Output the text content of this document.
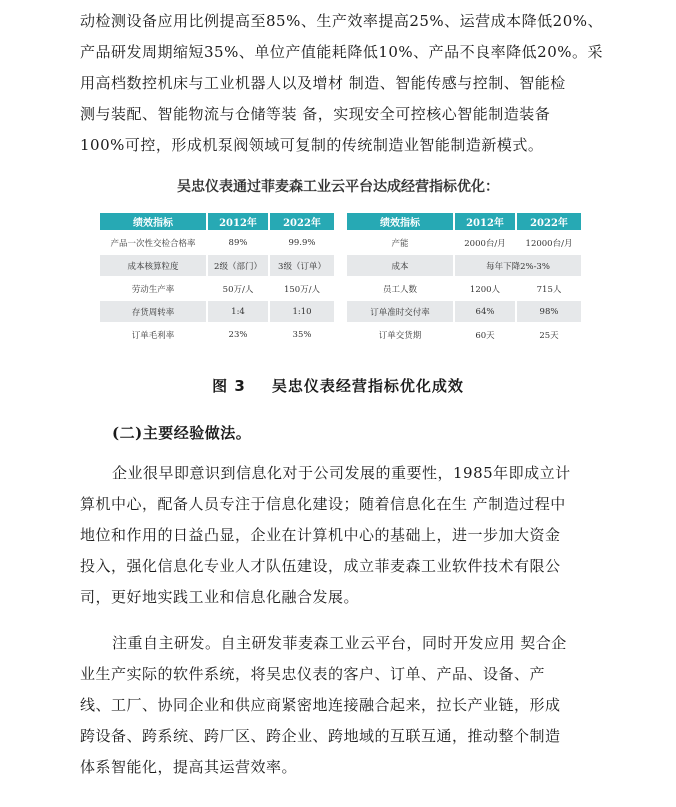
动检测设备应用比例提高至85%、生产效率提高25%、运营成本降低20%、
产品研发周期缩短35%、单位产值能耗降低10%、产品不良率降低20%。采
用高档数控机床与工业机器人以及增材 制造、智能传感与控制、智能检
测与装配、智能物流与仓储等装 备，实现安全可控核心智能制造装备
100%可控，形成机泵阀领域可复制的传统制造业智能制造新模式。

吴忠仪表通过菲麦森工业云平台达成经营指标优化：
绩效指标	2012年	2022年
产品一次性交检合格率	89%	99.9%
成本核算粒度	2级（部门）	3级（订单）
劳动生产率	50万/人	150万/人
存货周转率	1:4	1:10
订单毛利率	23%	35%
绩效指标	2012年	2022年
产能	2000台/月	12000台/月
成本	每年下降2%-3%	
员工人数	1200人	715人
订单准时交付率	64%	98%
订单交货期	60天	25天
图 3 吴忠仪表经营指标优化成效
(二)主要经验做法。

企业很早即意识到信息化对于公司发展的重要性，1985年即成立计
算机中心，配备人员专注于信息化建设；随着信息化在生 产制造过程中
地位和作用的日益凸显，企业在计算机中心的基础上，进一步加大资金
投入，强化信息化专业人才队伍建设，成立菲麦森工业软件技术有限公
司，更好地实践工业和信息化融合发展。

注重自主研发。自主研发菲麦森工业云平台，同时开发应用 契合企
业生产实际的软件系统，将吴忠仪表的客户、订单、产品、设备、产
线、工厂、协同企业和供应商紧密地连接融合起来，拉长产业链，形成
跨设备、跨系统、跨厂区、跨企业、跨地域的互联互通，推动整个制造
体系智能化，提高其运营效率。
